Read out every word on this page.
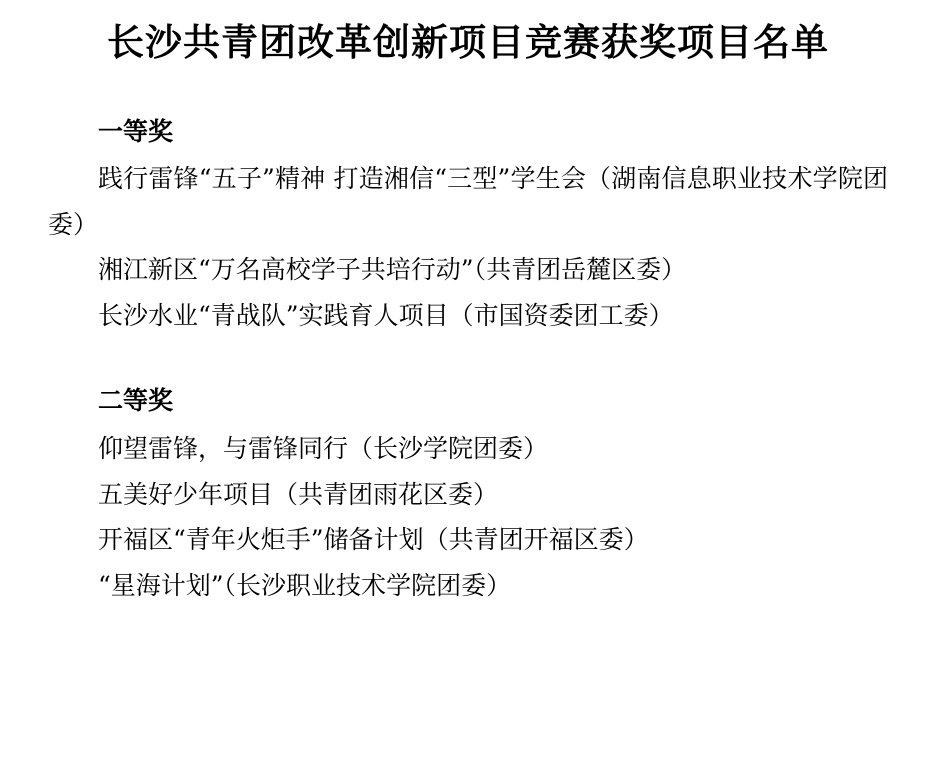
长沙共青团改革创新项目竞赛获奖项目名单
一等奖

践行雷锋“五子”精神 打造湘信“三型”学生会（湖南信息职业技术学院团委）

湘江新区“万名高校学子共培行动”（共青团岳麓区委）

长沙水业“青战队”实践育人项目（市国资委团工委）

二等奖

仰望雷锋，与雷锋同行（长沙学院团委）

五美好少年项目（共青团雨花区委）

开福区“青年火炬手”储备计划（共青团开福区委）

“星海计划”（长沙职业技术学院团委）
